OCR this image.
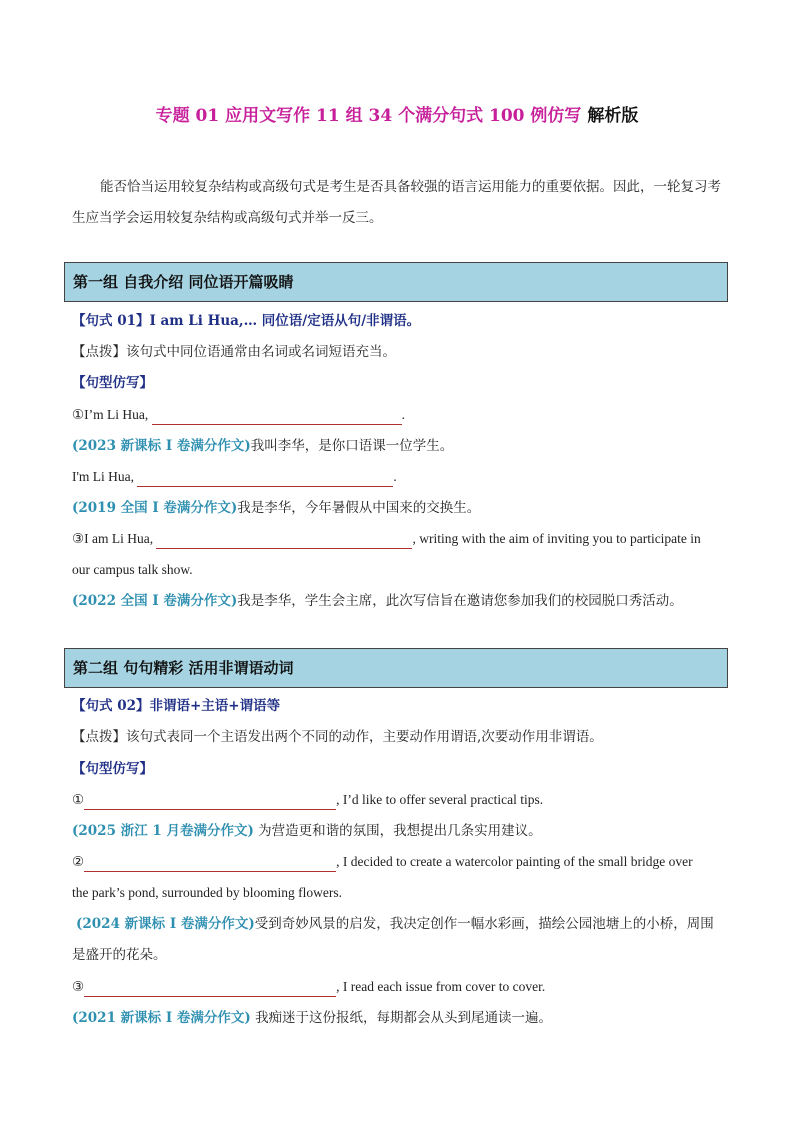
专题 01 应用文写作 11 组 34 个满分句式 100 例仿写 解析版
能否恰当运用较复杂结构或高级句式是考生是否具备较强的语言运用能力的重要依据。因此，一轮复习考生应当学会运用较复杂结构或高级句式并举一反三。
第一组 自我介绍 同位语开篇吸睛
【句式 01】I am Li Hua,… 同位语/定语从句/非谓语。
【点拨】该句式中同位语通常由名词或名词短语充当。
【句型仿写】
①I’m Li Hua,	.
(2023 新课标 I 卷满分作文)我叫李华，是你口语课一位学生。
I'm Li Hua,	.
(2019 全国 I 卷满分作文)我是李华，今年暑假从中国来的交换生。
③I am Li Hua,	, writing with the aim of inviting you to participate in
our campus talk show.
(2022 全国 I 卷满分作文)我是李华，学生会主席，此次写信旨在邀请您参加我们的校园脱口秀活动。
第二组 句句精彩 活用非谓语动词
【句式 02】非谓语+主语+谓语等
【点拨】该句式表同一个主语发出两个不同的动作，主要动作用谓语,次要动作用非谓语。
【句型仿写】
①	, I’d like to offer several practical tips.
(2025 浙江 1 月卷满分作文) 为营造更和谐的氛围，我想提出几条实用建议。
②	, I decided to create a watercolor painting of the small bridge over
the park’s pond, surrounded by blooming flowers.
(2024 新课标 I 卷满分作文)受到奇妙风景的启发，我决定创作一幅水彩画，描绘公园池塘上的小桥，周围
是盛开的花朵。
③	, I read each issue from cover to cover.
(2021 新课标 I 卷满分作文) 我痴迷于这份报纸，每期都会从头到尾通读一遍。
